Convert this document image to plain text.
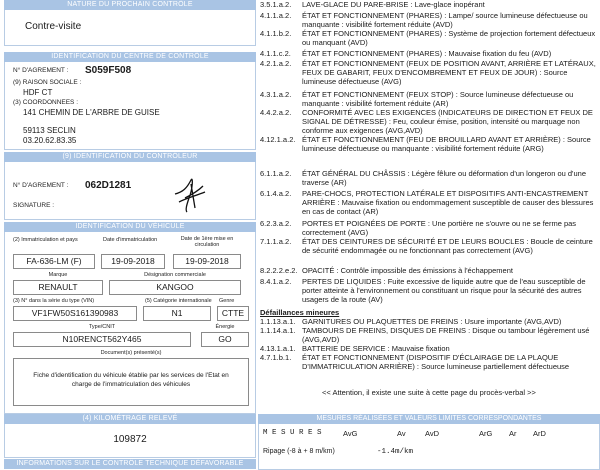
NATURE DU PROCHAIN CONTRÔLE
Contre-visite
IDENTIFICATION DU CENTRE DE CONTRÔLE
N° D'AGREMENT : S059F508
(9) RAISON SOCIALE :
HDF CT
(3) COORDONNEES :
141 CHEMIN DE L'ARBRE DE GUISE
59113 SECLIN
03.20.62.83.35
(9) IDENTIFICATION DU CONTRÔLEUR
N° D'AGREMENT : 062D1281
SIGNATURE :
IDENTIFICATION DU VÉHICULE
(2) Immatriculation et pays	Date d'immatriculation	Date de 1ère mise en circulation
FA-636-LM (F)	19-09-2018	19-09-2018
Marque	Désignation commerciale
RENAULT	KANGOO
(3) N° dans la série du type (VIN)	(5) Catégorie internationale Genre
VF1FW50S161390983	N1	CTTE
Type/CNIT	Énergie
N10RENCT562Y465	GO
Document(s) présenté(s)
Fiche d'identification du véhicule établie par les services de l'Etat en charge de l'immatriculation des véhicules
(4) KILOMÉTRAGE RELEVÉ
109872
INFORMATIONS SUR LE CONTRÔLE TECHNIQUE DÉFAVORABLE
3.5.1.a.2.	LAVE-GLACE DU PARE-BRISE : Lave-glace inopérant
4.1.1.a.2.	ÉTAT ET FONCTIONNEMENT (PHARES) : Lampe/ source lumineuse défectueuse ou manquante : visibilité fortement réduite (AVD)
4.1.1.b.2.	ÉTAT ET FONCTIONNEMENT (PHARES) : Système de projection fortement défectueux ou manquant (AVD)
4.1.1.c.2.	ÉTAT ET FONCTIONNEMENT (PHARES) : Mauvaise fixation du feu (AVD)
4.2.1.a.2.	ÉTAT ET FONCTIONNEMENT (FEUX DE POSITION AVANT, ARRIÈRE ET LATÉRAUX, FEUX DE GABARIT, FEUX D'ENCOMBREMENT ET FEUX DE JOUR) : Source lumineuse défectueuse (AVG)
4.3.1.a.2.	ÉTAT ET FONCTIONNEMENT (FEUX STOP) : Source lumineuse défectueuse ou manquante : visibilité fortement réduite (AR)
4.4.2.a.2.	CONFORMITÉ AVEC LES EXIGENCES (INDICATEURS DE DIRECTION ET FEUX DE SIGNAL DE DÉTRESSE) : Feu, couleur émise, position, intensité ou marquage non conforme aux exigences (AVG,AVD)
4.12.1.a.2. ÉTAT ET FONCTIONNEMENT (FEU DE BROUILLARD AVANT ET ARRIÈRE) : Source lumineuse défectueuse ou manquante : visibilité fortement réduite (ARG)
6.1.1.a.2.	ÉTAT GÉNÉRAL DU CHÂSSIS : Légère fêlure ou déformation d'un longeron ou d'une traverse (AR)
6.1.4.a.2.	PARE-CHOCS, PROTECTION LATÉRALE ET DISPOSITIFS ANTI-ENCASTREMENT ARRIÈRE : Mauvaise fixation ou endommagement susceptible de causer des blessures en cas de contact (AR)
6.2.3.a.2.	PORTES ET POIGNÉES DE PORTE : Une portière ne s'ouvre ou ne se ferme pas correctement (AVG)
7.1.1.a.2.	ÉTAT DES CEINTURES DE SÉCURITÉ ET DE LEURS BOUCLES : Boucle de ceinture de sécurité endommagée ou ne fonctionnant pas correctement (AVG)
8.2.2.2.e.2. OPACITÉ : Contrôle impossible des émissions à l'échappement
8.4.1.a.2.	PERTES DE LIQUIDES : Fuite excessive de liquide autre que de l'eau susceptible de porter atteinte à l'environnement ou constituant un risque pour la sécurité des autres usagers de la route (AV)
Défaillances mineures
1.1.13.a.1. GARNITURES OU PLAQUETTES DE FREINS : Usure importante (AVG,AVD)
1.1.14.a.1. TAMBOURS DE FREINS, DISQUES DE FREINS : Disque ou tambour légèrement usé (AVG,AVD)
4.13.1.a.1. BATTERIE DE SERVICE : Mauvaise fixation
4.7.1.b.1.	ÉTAT ET FONCTIONNEMENT (DISPOSITIF D'ÉCLAIRAGE DE LA PLAQUE D'IMMATRICULATION ARRIÈRE) : Source lumineuse partiellement défectueuse
<< Attention, il existe une suite à cette page du procès-verbal >>
MESURES RÉALISÉES ET VALEURS LIMITES CORRESPONDANTES
M E S U R E S	AvG	Av	AvD	ArG Ar ArD
Ripage (-8 à + 8 m/km)	-1.4m/km
